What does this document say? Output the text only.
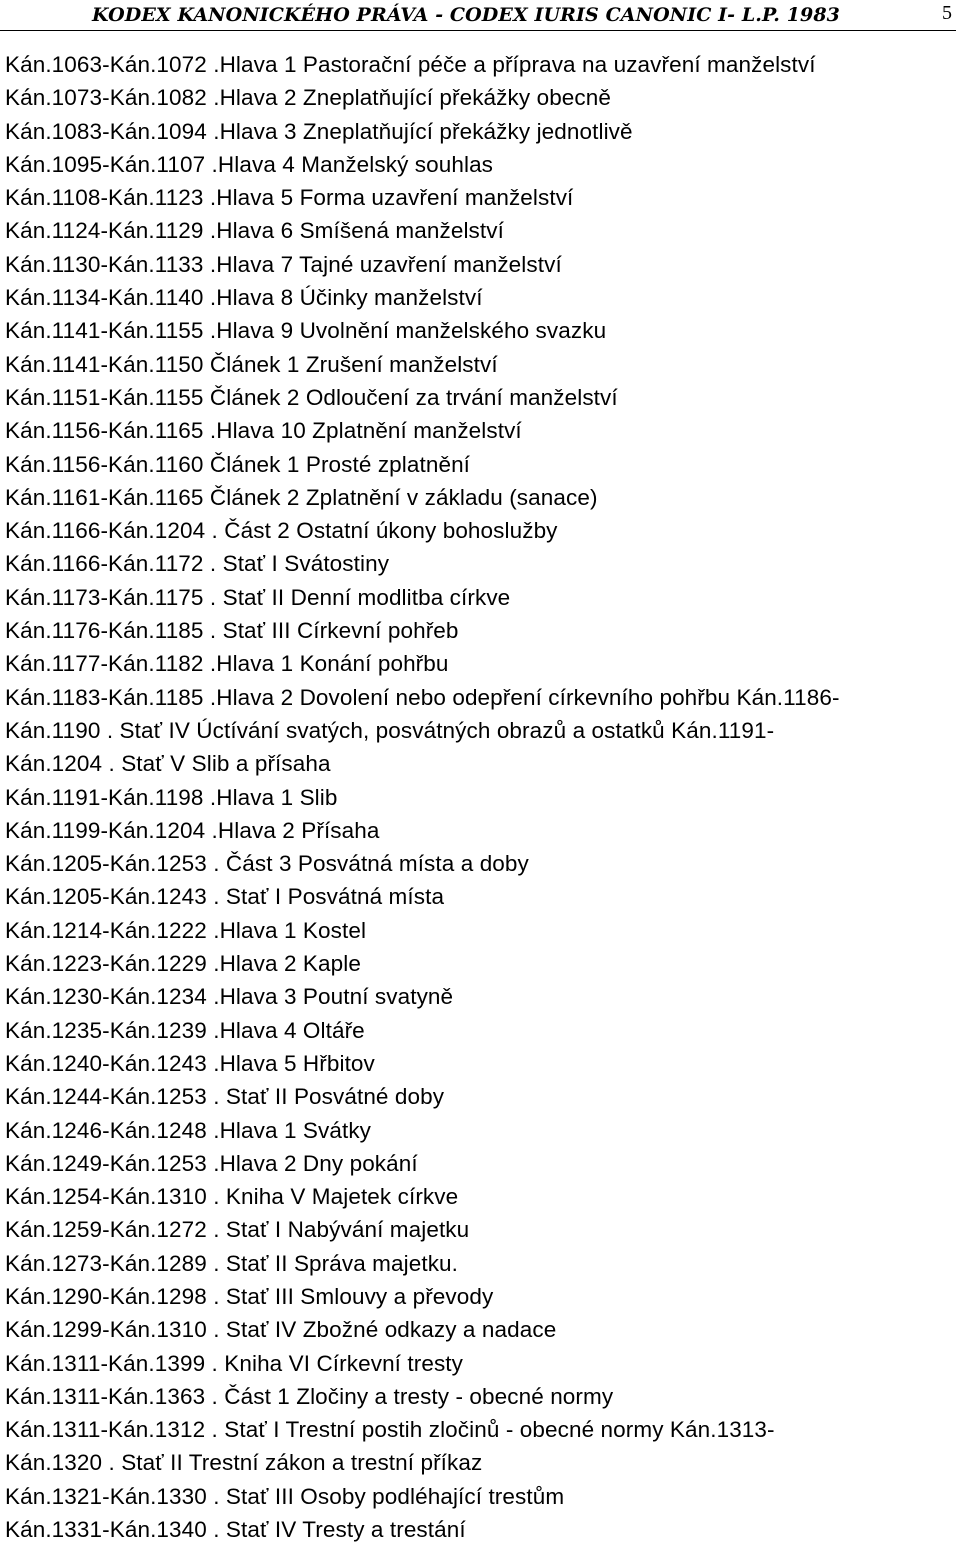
KODEX KANONICKÉHO PRÁVA - CODEX IURIS CANONIC I- L.P. 1983	5
Kán.1063-Kán.1072 .Hlava 1 Pastorační péče a příprava na uzavření manželství
Kán.1073-Kán.1082 .Hlava 2 Zneplatňující překážky obecně
Kán.1083-Kán.1094 .Hlava 3 Zneplatňující překážky jednotlivě
Kán.1095-Kán.1107 .Hlava 4 Manželský souhlas
Kán.1108-Kán.1123 .Hlava 5 Forma uzavření manželství
Kán.1124-Kán.1129 .Hlava 6 Smíšená manželství
Kán.1130-Kán.1133 .Hlava 7 Tajné uzavření manželství
Kán.1134-Kán.1140 .Hlava 8 Účinky manželství
Kán.1141-Kán.1155 .Hlava 9 Uvolnění manželského svazku
Kán.1141-Kán.1150 Článek 1 Zrušení manželství
Kán.1151-Kán.1155 Článek 2 Odloučení za trvání manželství
Kán.1156-Kán.1165 .Hlava 10 Zplatnění manželství
Kán.1156-Kán.1160 Článek 1 Prosté zplatnění
Kán.1161-Kán.1165 Článek 2 Zplatnění v základu (sanace)
Kán.1166-Kán.1204 . Část 2 Ostatní úkony bohoslužby
Kán.1166-Kán.1172 . Stať I Svátostiny
Kán.1173-Kán.1175 . Stať II Denní modlitba církve
Kán.1176-Kán.1185 . Stať III Církevní pohřeb
Kán.1177-Kán.1182 .Hlava 1 Konání pohřbu
Kán.1183-Kán.1185 .Hlava 2 Dovolení nebo odepření církevního pohřbu Kán.1186-
Kán.1190 . Stať IV Úctívání svatých, posvátných obrazů a ostatků Kán.1191-
Kán.1204 . Stať V Slib a přísaha
Kán.1191-Kán.1198 .Hlava 1 Slib
Kán.1199-Kán.1204 .Hlava 2 Přísaha
Kán.1205-Kán.1253 . Část 3 Posvátná místa a doby
Kán.1205-Kán.1243 . Stať I Posvátná místa
Kán.1214-Kán.1222 .Hlava 1 Kostel
Kán.1223-Kán.1229 .Hlava 2 Kaple
Kán.1230-Kán.1234 .Hlava 3 Poutní svatyně
Kán.1235-Kán.1239 .Hlava 4 Oltáře
Kán.1240-Kán.1243 .Hlava 5 Hřbitov
Kán.1244-Kán.1253 . Stať II Posvátné doby
Kán.1246-Kán.1248 .Hlava 1 Svátky
Kán.1249-Kán.1253 .Hlava 2 Dny pokání
Kán.1254-Kán.1310 . Kniha V Majetek církve
Kán.1259-Kán.1272 . Stať I Nabývání majetku
Kán.1273-Kán.1289 . Stať II Správa majetku.
Kán.1290-Kán.1298 . Stať III Smlouvy a převody
Kán.1299-Kán.1310 . Stať IV Zbožné odkazy a nadace
Kán.1311-Kán.1399 . Kniha VI Církevní tresty
Kán.1311-Kán.1363 . Část 1 Zločiny a tresty - obecné normy
Kán.1311-Kán.1312 . Stať I Trestní postih zločinů - obecné normy Kán.1313-
Kán.1320 . Stať II Trestní zákon a trestní příkaz
Kán.1321-Kán.1330 . Stať III Osoby podléhající trestům
Kán.1331-Kán.1340 . Stať IV Tresty a trestání
